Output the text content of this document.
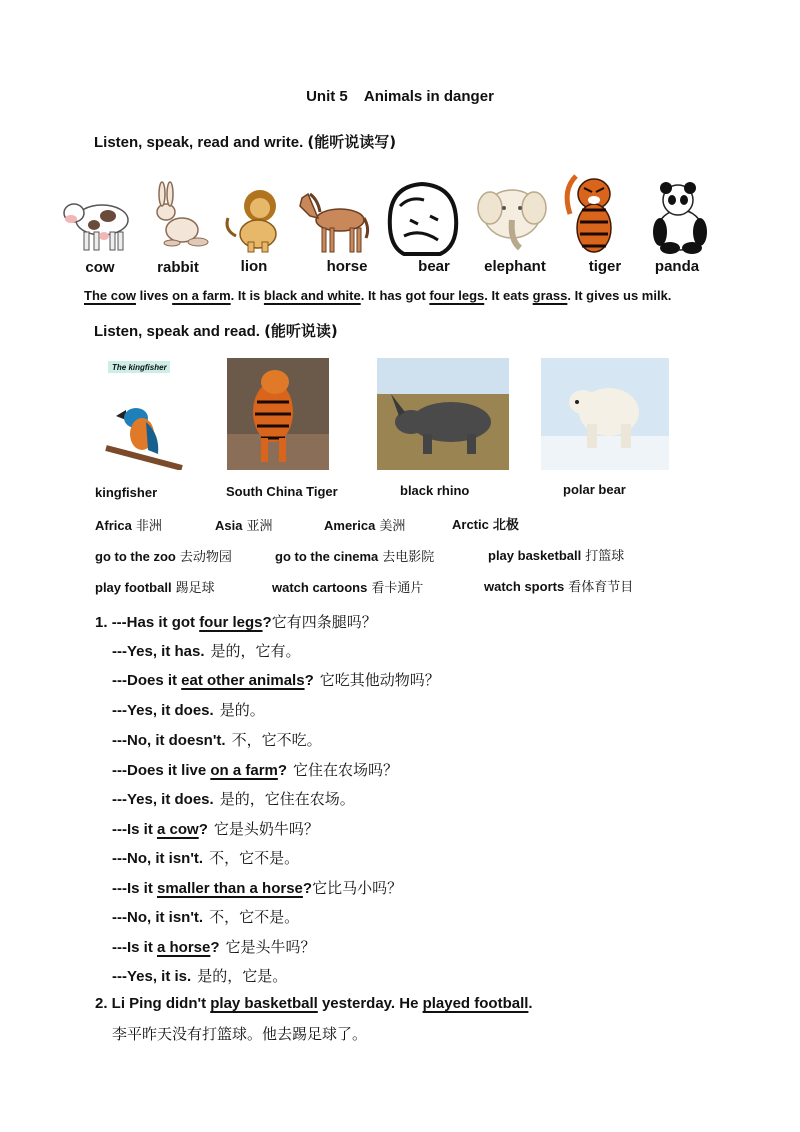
Unit 5    Animals in danger
Listen, speak, read and write. (能听说读写)
cow	rabbit	lion	horse	bear	elephant	tiger	panda
The cow lives on a farm. It is black and white. It has got four legs. It eats grass. It gives us milk.
Listen, speak and read. (能听说读)
The kingfisher
kingfisher	South China Tiger	black rhino	polar bear
Africa 非洲	Asia 亚洲	America 美洲	Arctic 北极
go to the zoo 去动物园	go to the cinema 去电影院	play basketball 打篮球
play football 踢足球	watch cartoons 看卡通片	watch sports 看体育节目
1. ---Has it got four legs?它有四条腿吗？
---Yes, it has. 是的，它有。
---Does it eat other animals? 它吃其他动物吗？
---Yes, it does. 是的。
---No, it doesn't. 不，它不吃。
---Does it live on a farm? 它住在农场吗？
---Yes, it does. 是的，它住在农场。
---Is it a cow? 它是头奶牛吗？
---No, it isn't. 不，它不是。
---Is it smaller than a horse?它比马小吗？
---No, it isn't. 不，它不是。
---Is it a horse? 它是头牛吗？
---Yes, it is. 是的，它是。
2. Li Ping didn't play basketball yesterday. He played football.
李平昨天没有打篮球。他去踢足球了。
